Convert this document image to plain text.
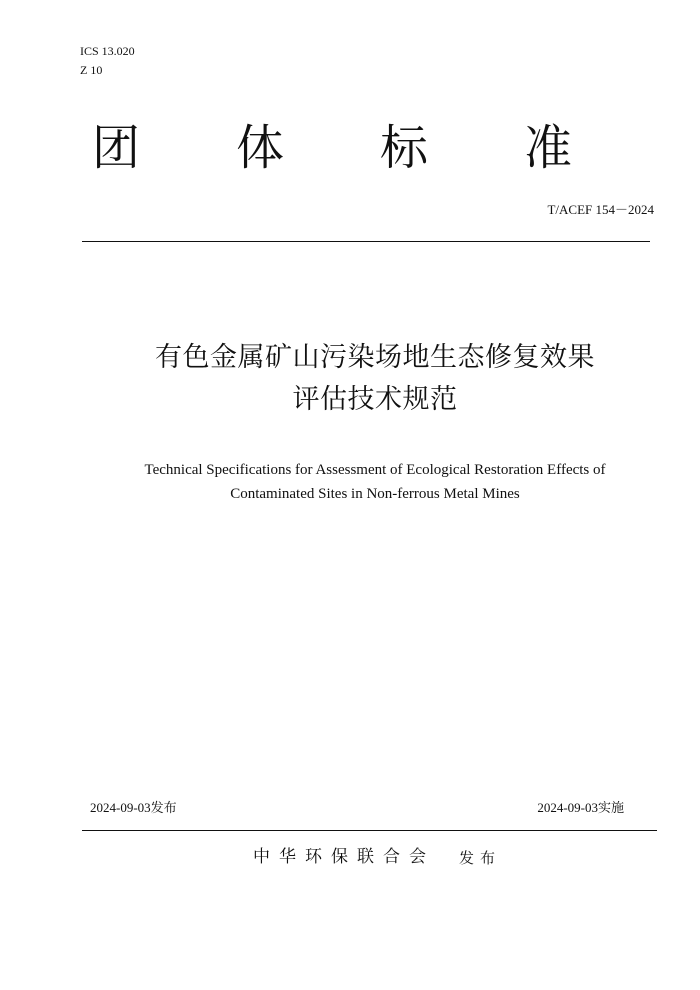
ICS 13.020
Z 10
团 体 标 准
T/ACEF 154－2024
有色金属矿山污染场地生态修复效果
评估技术规范
Technical Specifications for Assessment of Ecological Restoration Effects of
Contaminated Sites in Non-ferrous Metal Mines
2024-09-03发布	2024-09-03实施
中华环保联合会 发布
